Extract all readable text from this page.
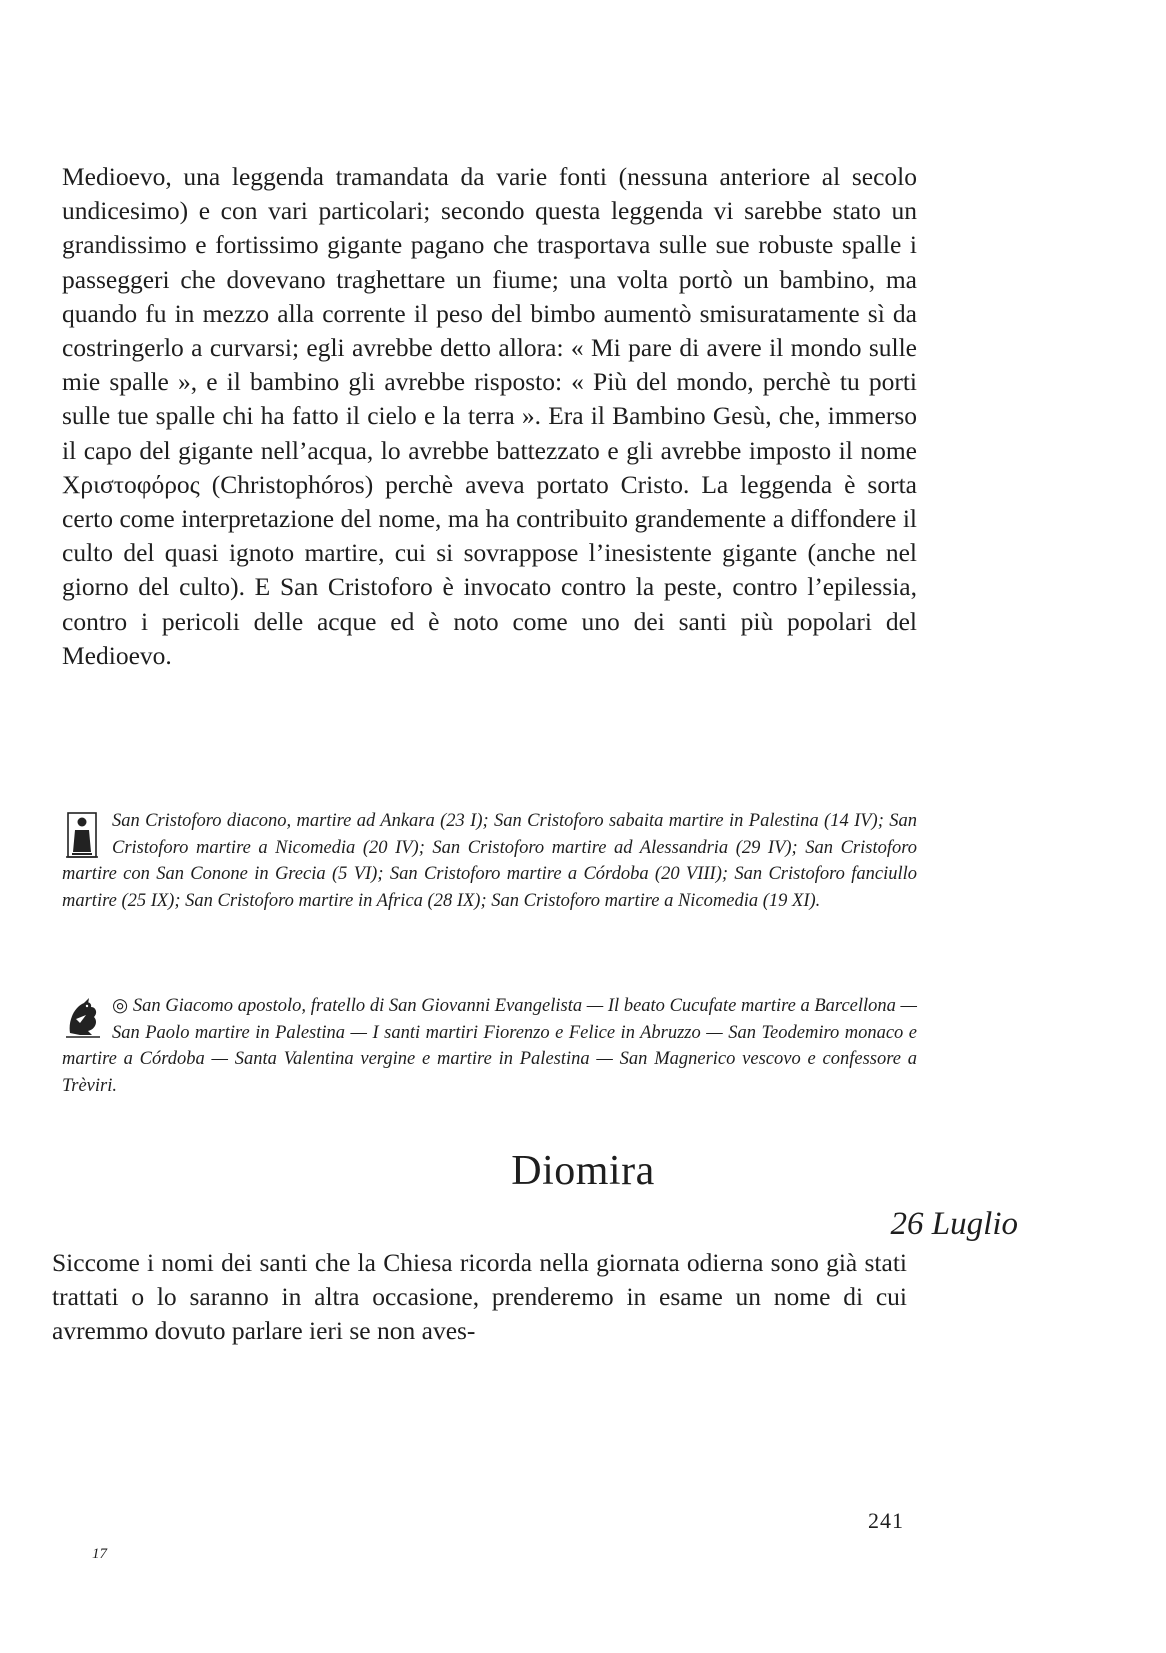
Medioevo, una leggenda tramandata da varie fonti (nessuna anteriore al secolo undicesimo) e con vari particolari; secondo questa leggenda vi sarebbe stato un grandissimo e fortissimo gigante pagano che trasportava sulle sue robuste spalle i passeggeri che dovevano traghettare un fiume; una volta portò un bambino, ma quando fu in mezzo alla corrente il peso del bimbo aumentò smisuratamente sì da costringerlo a curvarsi; egli avrebbe detto allora: « Mi pare di avere il mondo sulle mie spalle », e il bambino gli avrebbe risposto: « Più del mondo, perchè tu porti sulle tue spalle chi ha fatto il cielo e la terra ». Era il Bambino Gesù, che, immerso il capo del gigante nell’acqua, lo avrebbe battezzato e gli avrebbe imposto il nome Χριστοφόρος (Christophóros) perchè aveva portato Cristo. La leggenda è sorta certo come interpretazione del nome, ma ha contribuito grandemente a diffondere il culto del quasi ignoto martire, cui si sovrappose l’inesistente gigante (anche nel giorno del culto). E San Cristoforo è invocato contro la peste, contro l’epilessia, contro i pericoli delle acque ed è noto come uno dei santi più popolari del Medioevo.

San Cristoforo diacono, martire ad Ankara (23 I); San Cristoforo sabaita martire in Palestina (14 IV); San Cristoforo martire a Nicomedia (20 IV); San Cristoforo martire ad Alessandria (29 IV); San Cristoforo martire con San Conone in Grecia (5 VI); San Cristoforo martire a Córdoba (20 VIII); San Cristoforo fanciullo martire (25 IX); San Cristoforo martire in Africa (28 IX); San Cristoforo martire a Nicomedia (19 XI).

◎ San Giacomo apostolo, fratello di San Giovanni Evangelista — Il beato Cucufate martire a Barcellona — San Paolo martire in Palestina — I santi martiri Fiorenzo e Felice in Abruzzo — San Teodemiro monaco e martire a Córdoba — Santa Valentina vergine e martire in Palestina — San Magnerico vescovo e confessore a Trèviri.

Diomira
26 Luglio

Siccome i nomi dei santi che la Chiesa ricorda nella giornata odierna sono già stati trattati o lo saranno in altra occasione, prenderemo in esame un nome di cui avremmo dovuto parlare ieri se non aves-

241
17
